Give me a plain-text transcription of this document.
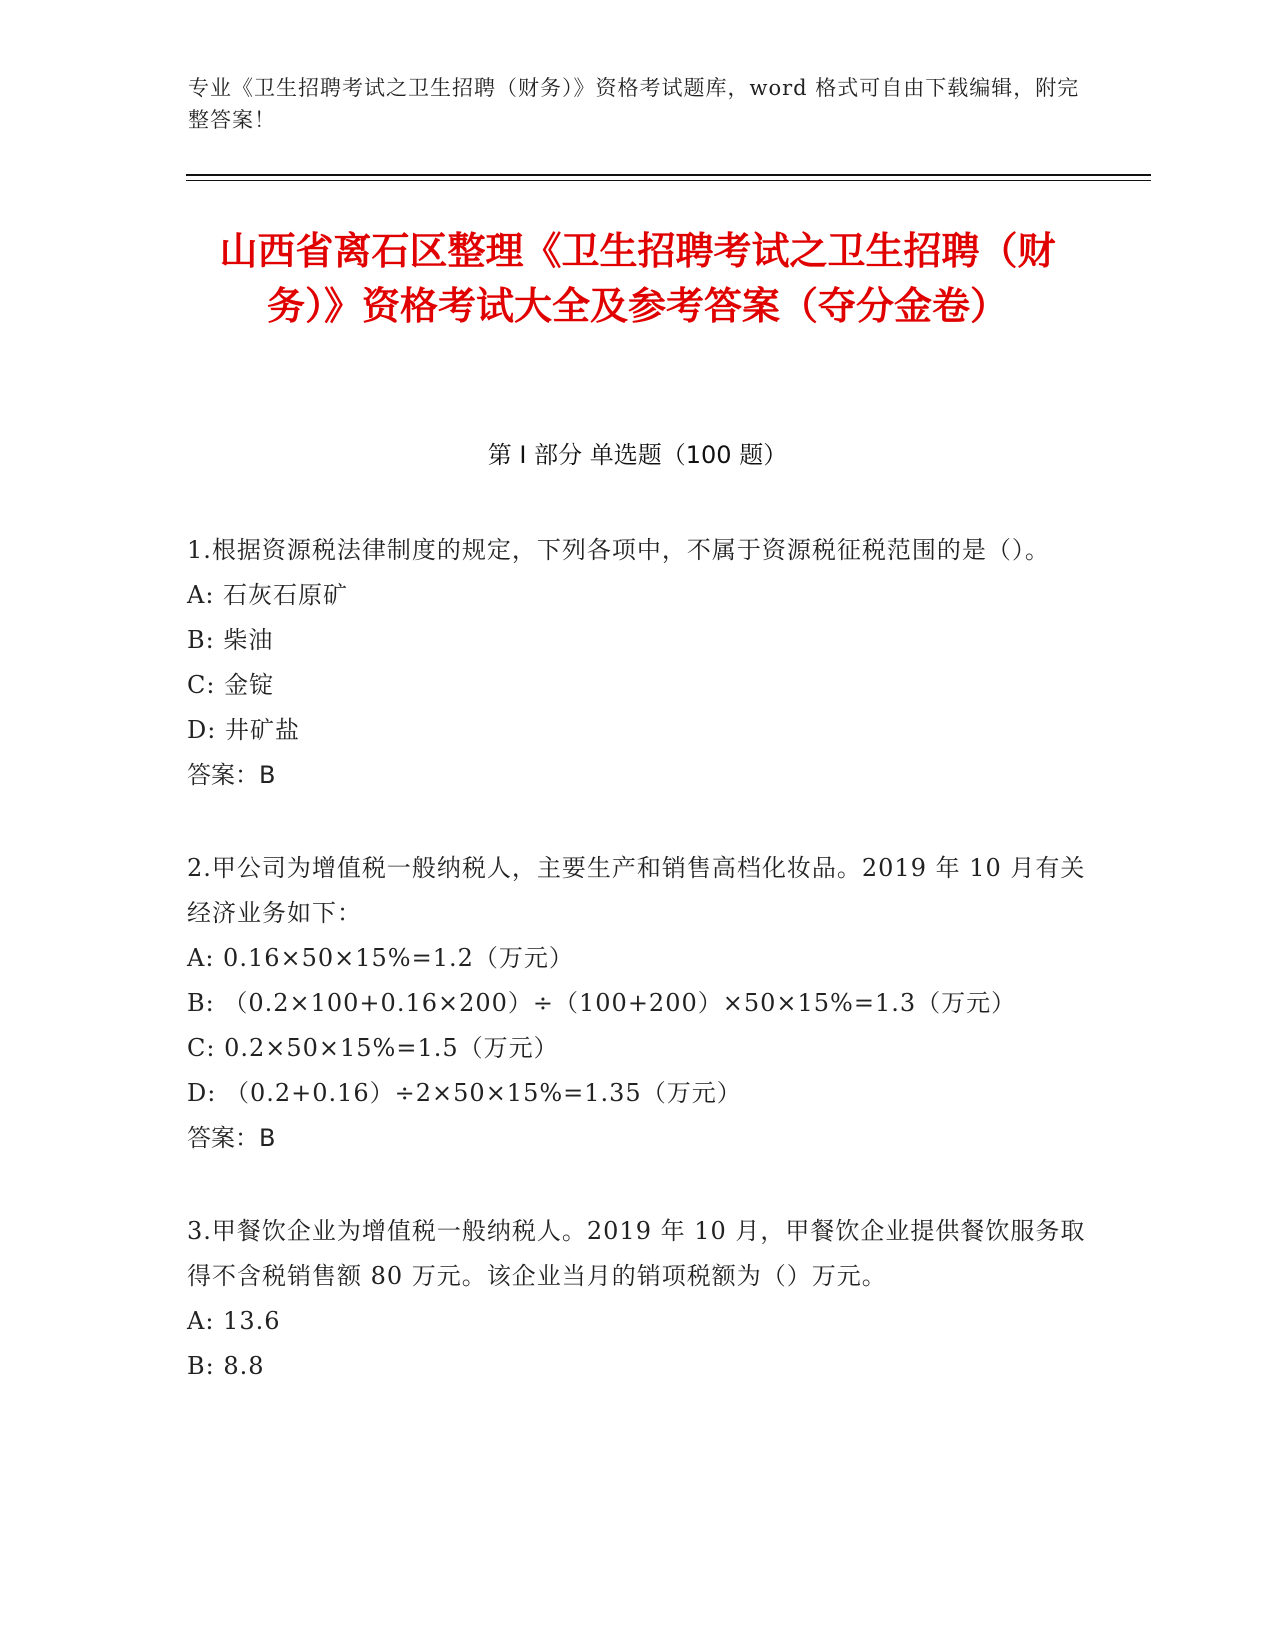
专业《卫生招聘考试之卫生招聘（财务）》资格考试题库，word 格式可自由下载编辑，附完整答案！
山西省离石区整理《卫生招聘考试之卫生招聘（财务）》资格考试大全及参考答案（夺分金卷）
第 I 部分 单选题（100 题）

1.根据资源税法律制度的规定，下列各项中，不属于资源税征税范围的是（）。

A: 石灰石原矿

B: 柴油

C: 金锭

D: 井矿盐

答案：B

2.甲公司为增值税一般纳税人，主要生产和销售高档化妆品。2019 年 10 月有关经济业务如下：

A: 0.16×50×15%=1.2（万元）

B: （0.2×100+0.16×200）÷（100+200）×50×15%=1.3（万元）

C: 0.2×50×15%=1.5（万元）

D: （0.2+0.16）÷2×50×15%=1.35（万元）

答案：B

3.甲餐饮企业为增值税一般纳税人。2019 年 10 月，甲餐饮企业提供餐饮服务取得不含税销售额 80 万元。该企业当月的销项税额为（）万元。

A: 13.6

B: 8.8
